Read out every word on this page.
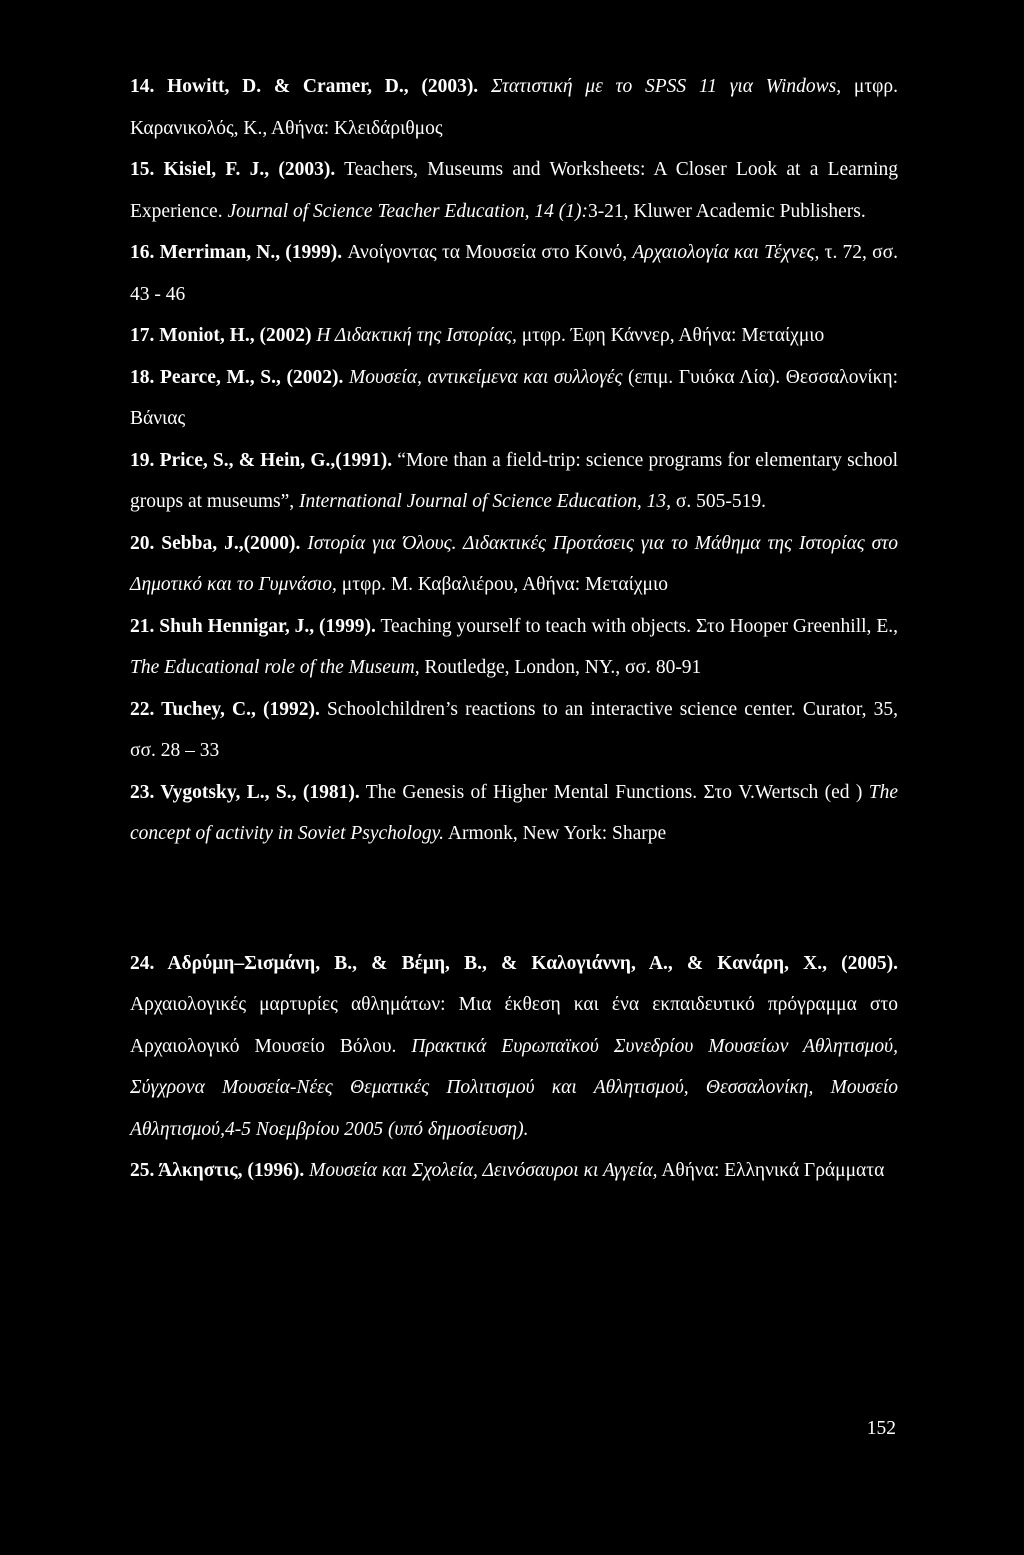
14. Howitt, D. & Cramer, D., (2003). Στατιστική με το SPSS 11 για Windows, μτφρ. Καρανικολός, Κ., Αθήνα: Κλειδάριθμος

15. Kisiel, F. J., (2003). Teachers, Museums and Worksheets: A Closer Look at a Learning Experience. Journal of Science Teacher Education, 14 (1):3-21, Kluwer Academic Publishers.

16. Merriman, N., (1999). Ανοίγοντας τα Μουσεία στο Κοινό, Αρχαιολογία και Τέχνες, τ. 72, σσ. 43 - 46

17. Moniot, H., (2002) Η Διδακτική της Ιστορίας, μτφρ. Έφη Κάννερ, Αθήνα: Μεταίχμιο

18. Pearce, M., S., (2002). Μουσεία, αντικείμενα και συλλογές (επιμ. Γυιόκα Λία). Θεσσαλονίκη: Βάνιας

19. Price, S., & Hein, G.,(1991). “More than a field-trip: science programs for elementary school groups at museums”, International Journal of Science Education, 13, σ. 505-519.

20. Sebba, J.,(2000). Ιστορία για Όλους. Διδακτικές Προτάσεις για το Μάθημα της Ιστορίας στο Δημοτικό και το Γυμνάσιο, μτφρ. Μ. Καβαλιέρου, Αθήνα: Μεταίχμιο

21. Shuh Hennigar, J., (1999). Teaching yourself to teach with objects. Στο Hooper Greenhill, E., The Educational role of the Museum, Routledge, London, NY., σσ. 80-91

22. Tuchey, C., (1992). Schoolchildren’s reactions to an interactive science center. Curator, 35, σσ. 28 – 33

23. Vygotsky, L., S., (1981). The Genesis of Higher Mental Functions. Στο V.Wertsch (ed ) The concept of activity in Soviet Psychology. Armonk, New York: Sharpe

24. Αδρύμη–Σισμάνη, Β., & Βέμη, Β., & Καλογιάννη, Α., & Κανάρη, Χ., (2005). Αρχαιολογικές μαρτυρίες αθλημάτων: Μια έκθεση και ένα εκπαιδευτικό πρόγραμμα στο Αρχαιολογικό Μουσείο Βόλου. Πρακτικά Ευρωπαϊκού Συνεδρίου Μουσείων Αθλητισμού, Σύγχρονα Μουσεία-Νέες Θεματικές Πολιτισμού και Αθλητισμού, Θεσσαλονίκη, Μουσείο Αθλητισμού,4-5 Νοεμβρίου 2005 (υπό δημοσίευση).

25. Άλκηστις, (1996). Μουσεία και Σχολεία, Δεινόσαυροι κι Αγγεία, Αθήνα: Ελληνικά Γράμματα

152
